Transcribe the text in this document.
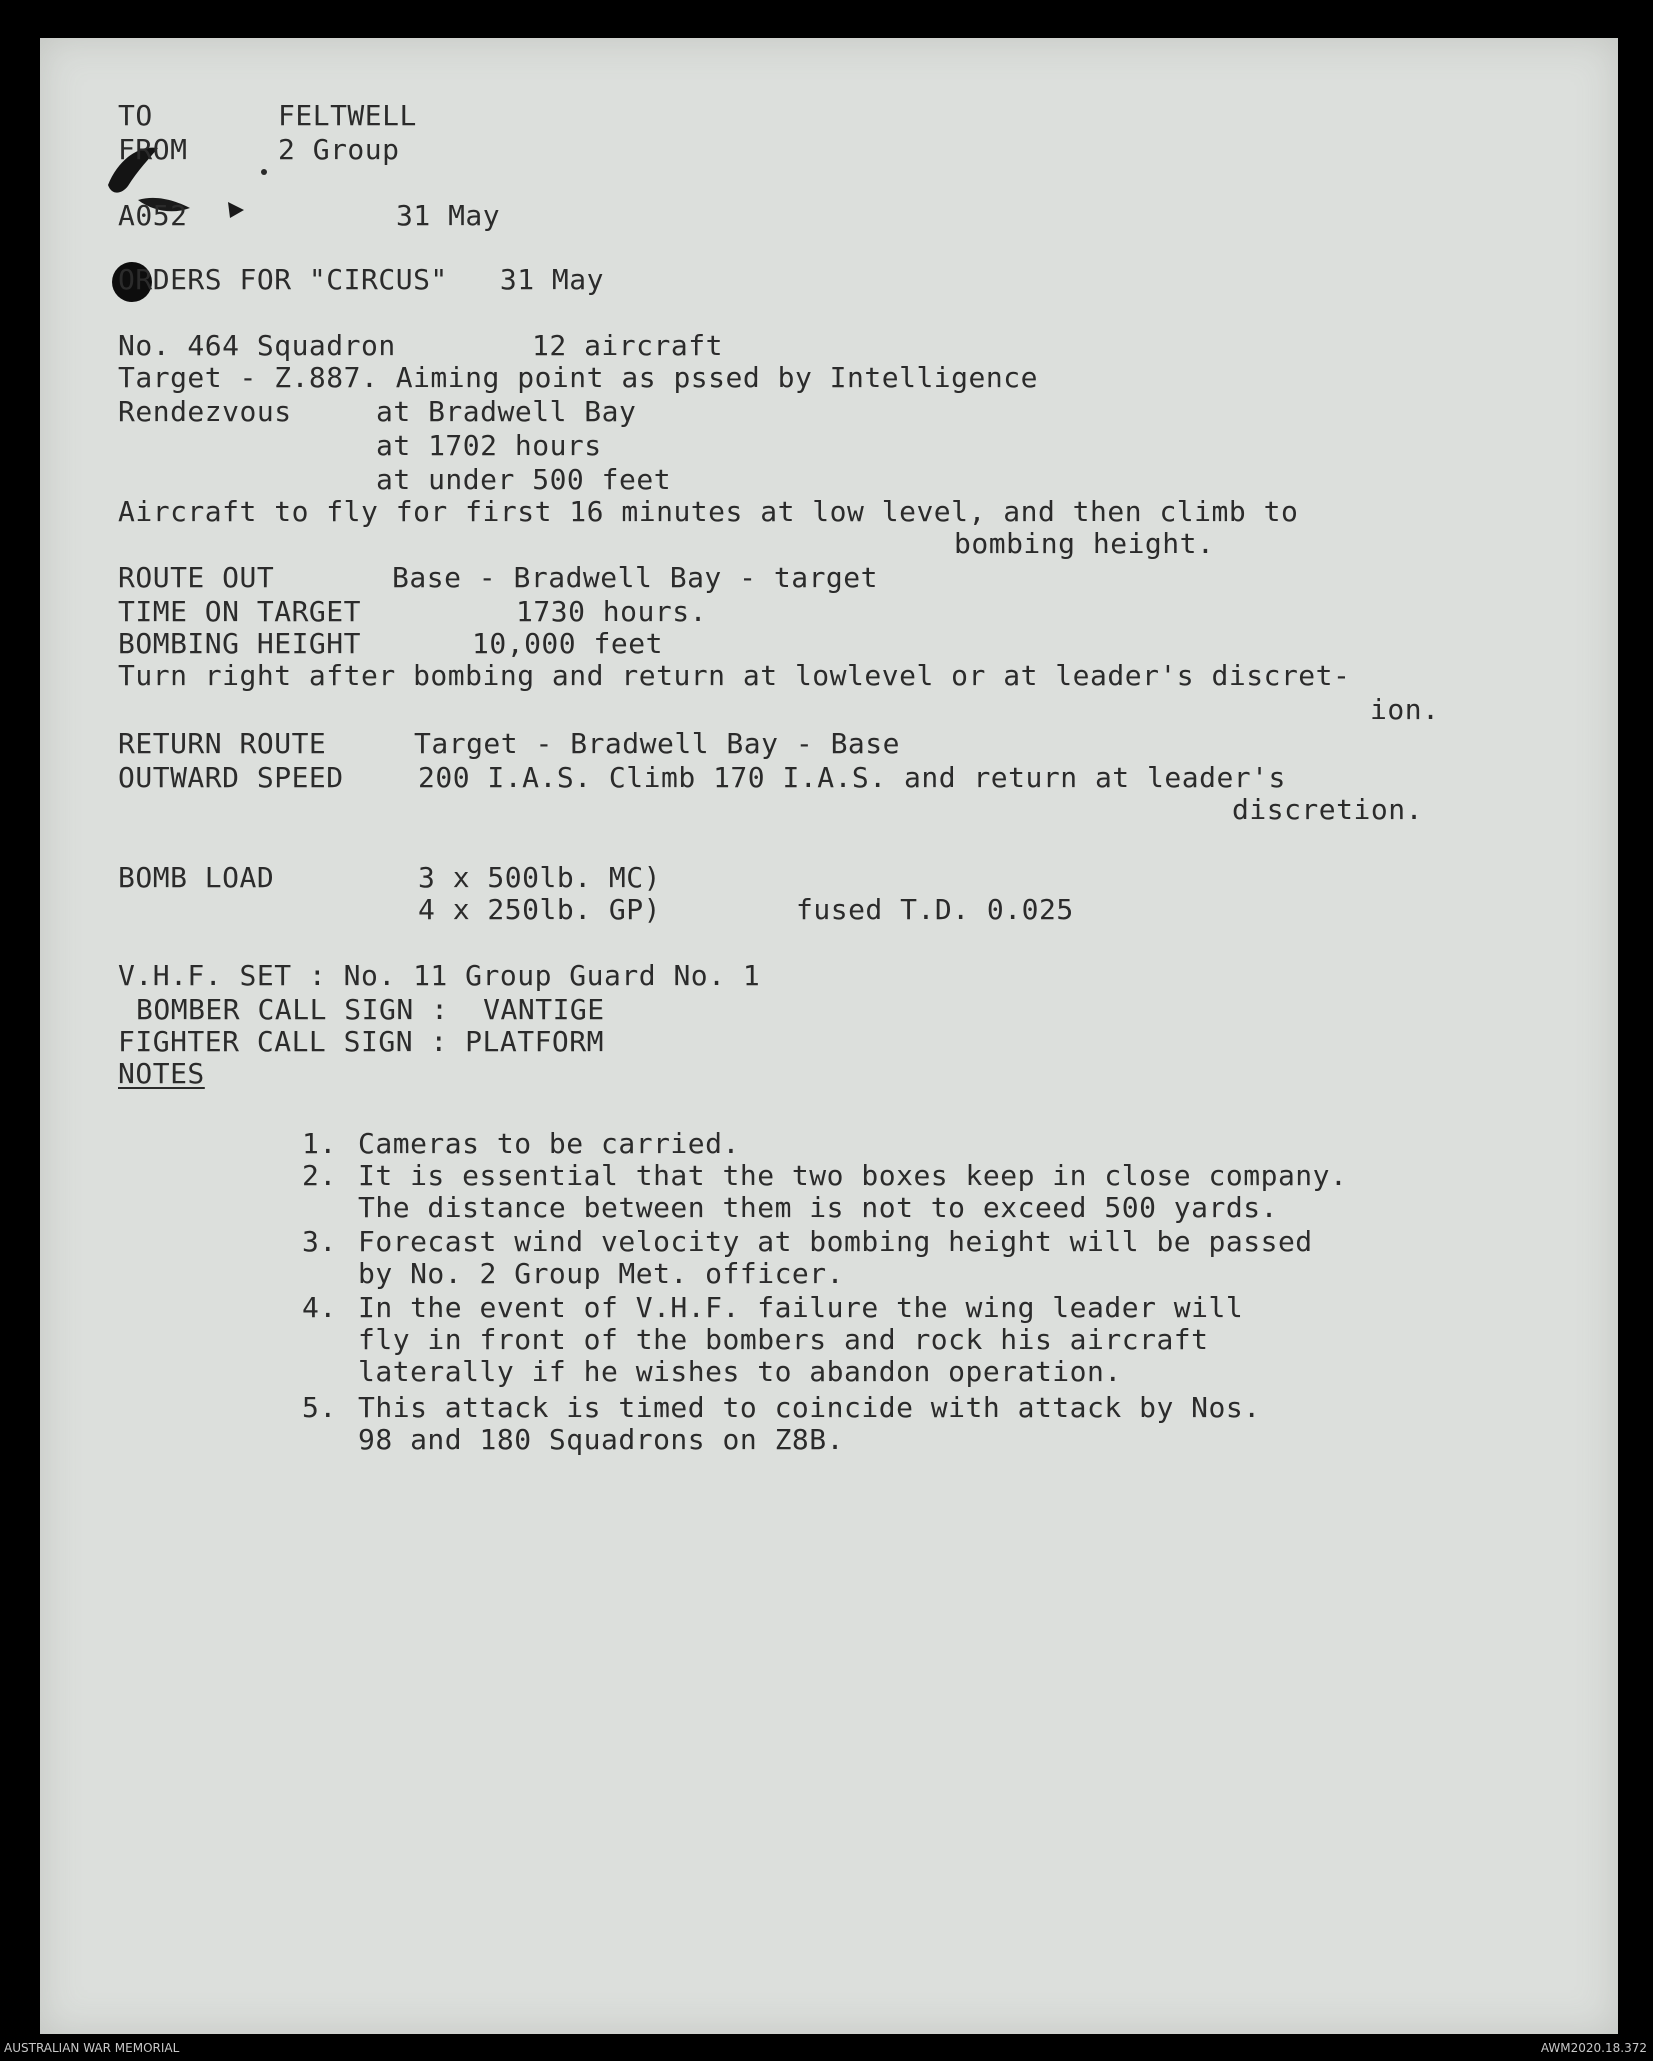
TO	FELTWELL
FROM	2 Group
A052	31 May
ORDERS FOR "CIRCUS"   31 May
No. 464 Squadron	12 aircraft
Target - Z.887. Aiming point as pssed by Intelligence
Rendezvous	at Bradwell Bay
at 1702 hours
at under 500 feet
Aircraft to fly for first 16 minutes at low level, and then climb to
bombing height.
ROUTE OUT	Base - Bradwell Bay - target
TIME ON TARGET	1730 hours.
BOMBING HEIGHT	10,000 feet
Turn right after bombing and return at lowlevel or at leader's discret-
ion.
RETURN ROUTE	Target - Bradwell Bay - Base
OUTWARD SPEED	200 I.A.S. Climb 170 I.A.S. and return at leader's
discretion.
BOMB LOAD	3 x 500lb. MC)
4 x 250lb. GP)	fused T.D. 0.025
V.H.F. SET : No. 11 Group Guard No. 1
BOMBER CALL SIGN :  VANTIGE
FIGHTER CALL SIGN : PLATFORM
NOTES
1. Cameras to be carried.
2. It is essential that the two boxes keep in close company.
The distance between them is not to exceed 500 yards.
3. Forecast wind velocity at bombing height will be passed
by No. 2 Group Met. officer.
4. In the event of V.H.F. failure the wing leader will
fly in front of the bombers and rock his aircraft
laterally if he wishes to abandon operation.
5. This attack is timed to coincide with attack by Nos.
98 and 180 Squadrons on Z8B.
AUSTRALIAN WAR MEMORIAL	AWM2020.18.372
